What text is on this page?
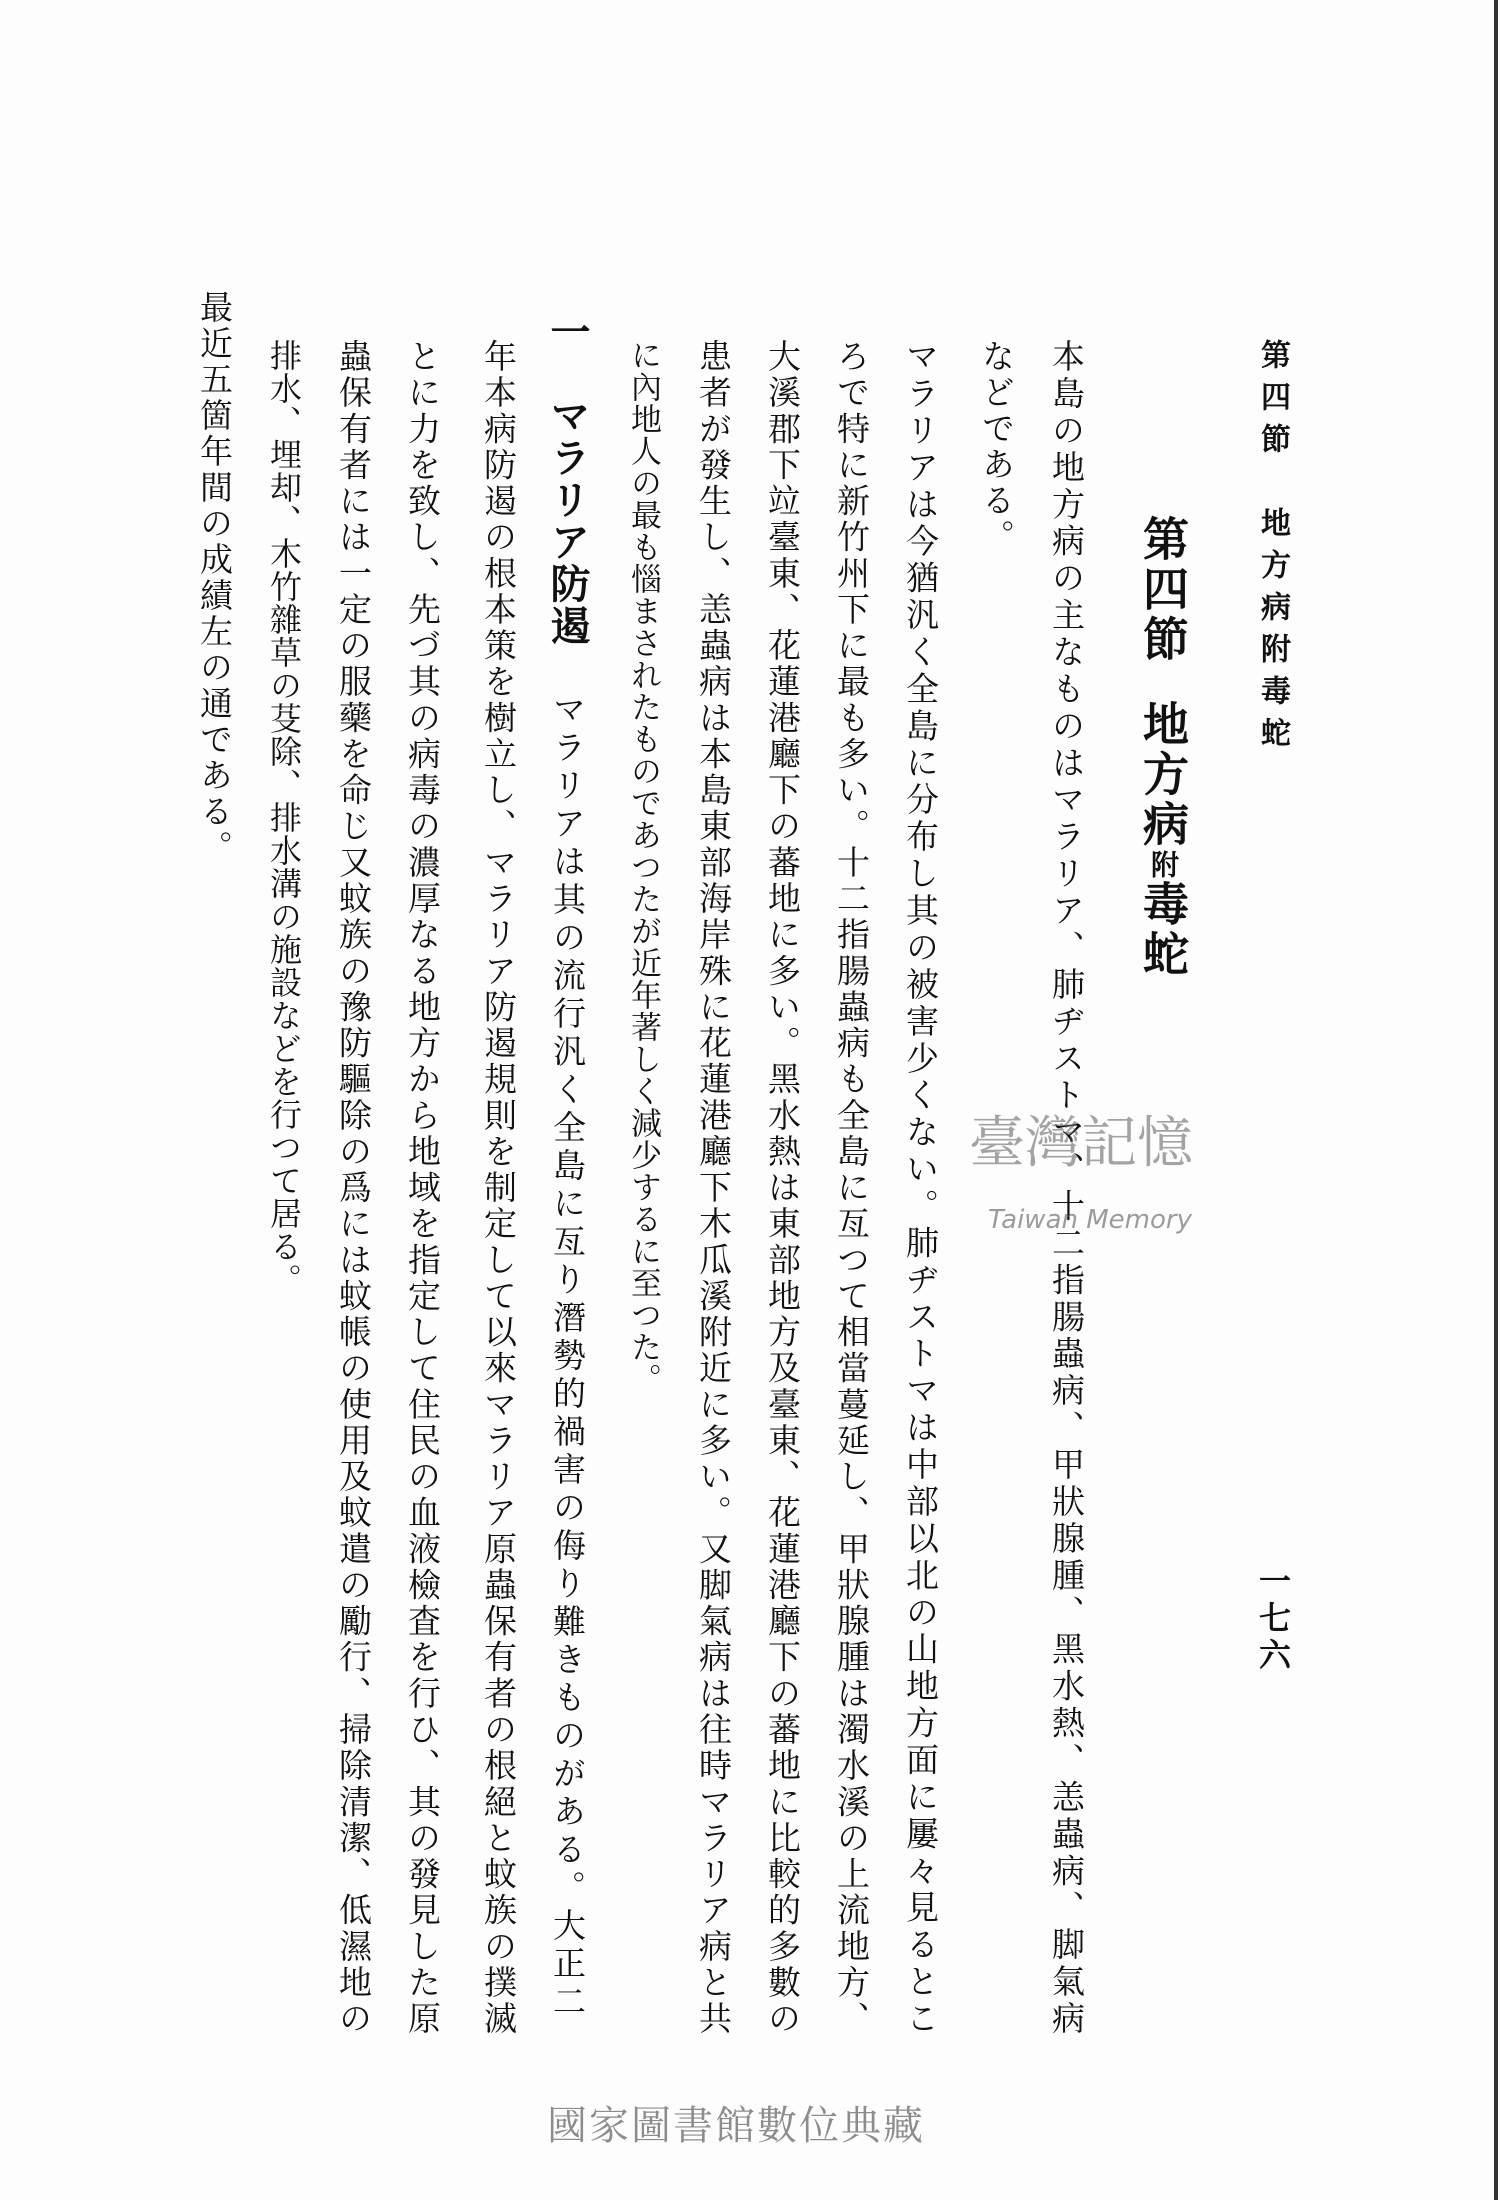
第四節　地方病附毒蛇
一七六
第四節地方病附毒蛇
本島の地方病の主なものはマラリア、肺ヂストマ、十二指腸蟲病、甲狀腺腫、黑水熱、恙蟲病、脚氣病
などである。
マラリアは今猶汎く全島に分布し其の被害少くない。肺ヂストマは中部以北の山地方面に屢々見るとこ
ろで特に新竹州下に最も多い。十二指腸蟲病も全島に亙つて相當蔓延し、甲狀腺腫は濁水溪の上流地方、
大溪郡下竝臺東、花蓮港廳下の蕃地に多い。黑水熱は東部地方及臺東、花蓮港廳下の蕃地に比較的多數の
患者が發生し、恙蟲病は本島東部海岸殊に花蓮港廳下木瓜溪附近に多い。又脚氣病は往時マラリア病と共
に內地人の最も惱まされたものであつたが近年著しく減少するに至つた。
一　マラリア防遏マラリアは其の流行汎く全島に亙り潛勢的禍害の侮り難きものがある。大正二
年本病防遏の根本策を樹立し、マラリア防遏規則を制定して以來マラリア原蟲保有者の根絕と蚊族の撲滅
とに力を致し、先づ其の病毒の濃厚なる地方から地域を指定して住民の血液檢査を行ひ、其の發見した原
蟲保有者には一定の服藥を命じ又蚊族の豫防驅除の爲には蚊帳の使用及蚊遣の勵行、掃除清潔、低濕地の
排水、埋却、木竹雜草の芟除、排水溝の施設などを行つて居る。
最近五箇年間の成績左の通である。
臺灣記憶
Taiwan Memory
國家圖書館數位典藏
